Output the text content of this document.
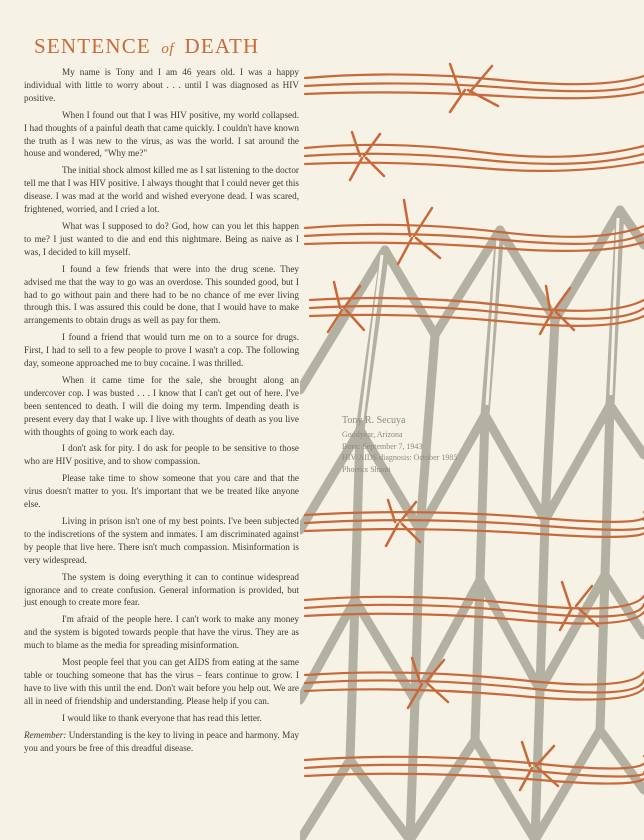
SENTENCE of DEATH

My name is Tony and I am 46 years old. I was a happy individual with little to worry about . . . until I was diagnosed as HIV positive.

When I found out that I was HIV positive, my world collapsed. I had thoughts of a painful death that came quickly. I couldn't have known the truth as I was new to the virus, as was the world. I sat around the house and wondered, "Why me?"

The initial shock almost killed me as I sat listening to the doctor tell me that I was HIV positive. I always thought that I could never get this disease. I was mad at the world and wished everyone dead. I was scared, frightened, worried, and I cried a lot.

What was I supposed to do? God, how can you let this happen to me? I just wanted to die and end this nightmare. Being as naive as I was, I decided to kill myself.

I found a few friends that were into the drug scene. They advised me that the way to go was an overdose. This sounded good, but I had to go without pain and there had to be no chance of me ever living through this. I was assured this could be done, that I would have to make arrangements to obtain drugs as well as pay for them.

I found a friend that would turn me on to a source for drugs. First, I had to sell to a few people to prove I wasn't a cop. The following day, someone approached me to buy cocaine. I was thrilled.

When it came time for the sale, she brought along an undercover cop. I was busted . . . I know that I can't get out of here. I've been sentenced to death. I will die doing my term. Impending death is present every day that I wake up. I live with thoughts of death as you live with thoughts of going to work each day.

I don't ask for pity. I do ask for people to be sensitive to those who are HIV positive, and to show compassion.

Please take time to show someone that you care and that the virus doesn't matter to you. It's important that we be treated like anyone else.

Living in prison isn't one of my best points. I've been subjected to the indiscretions of the system and inmates. I am discriminated against by people that live here. There isn't much compassion. Misinformation is very widespread.

The system is doing everything it can to continue widespread ignorance and to create confusion. General information is provided, but just enough to create more fear.

I'm afraid of the people here. I can't work to make any money and the system is bigoted towards people that have the virus. They are as much to blame as the media for spreading misinformation.

Most people feel that you can get AIDS from eating at the same table or touching someone that has the virus – fears continue to grow. I have to live with this until the end. Don't wait before you help out. We are all in need of friendship and understanding. Please help if you can.

I would like to thank everyone that has read this letter.

Remember: Understanding is the key to living in peace and harmony. May you and yours be free of this dreadful disease.

Tony R. Secuya
Goodyear, Arizona
Born: September 7, 1943
HIV/AIDS diagnosis: October 1985
Phoenix Shanti
